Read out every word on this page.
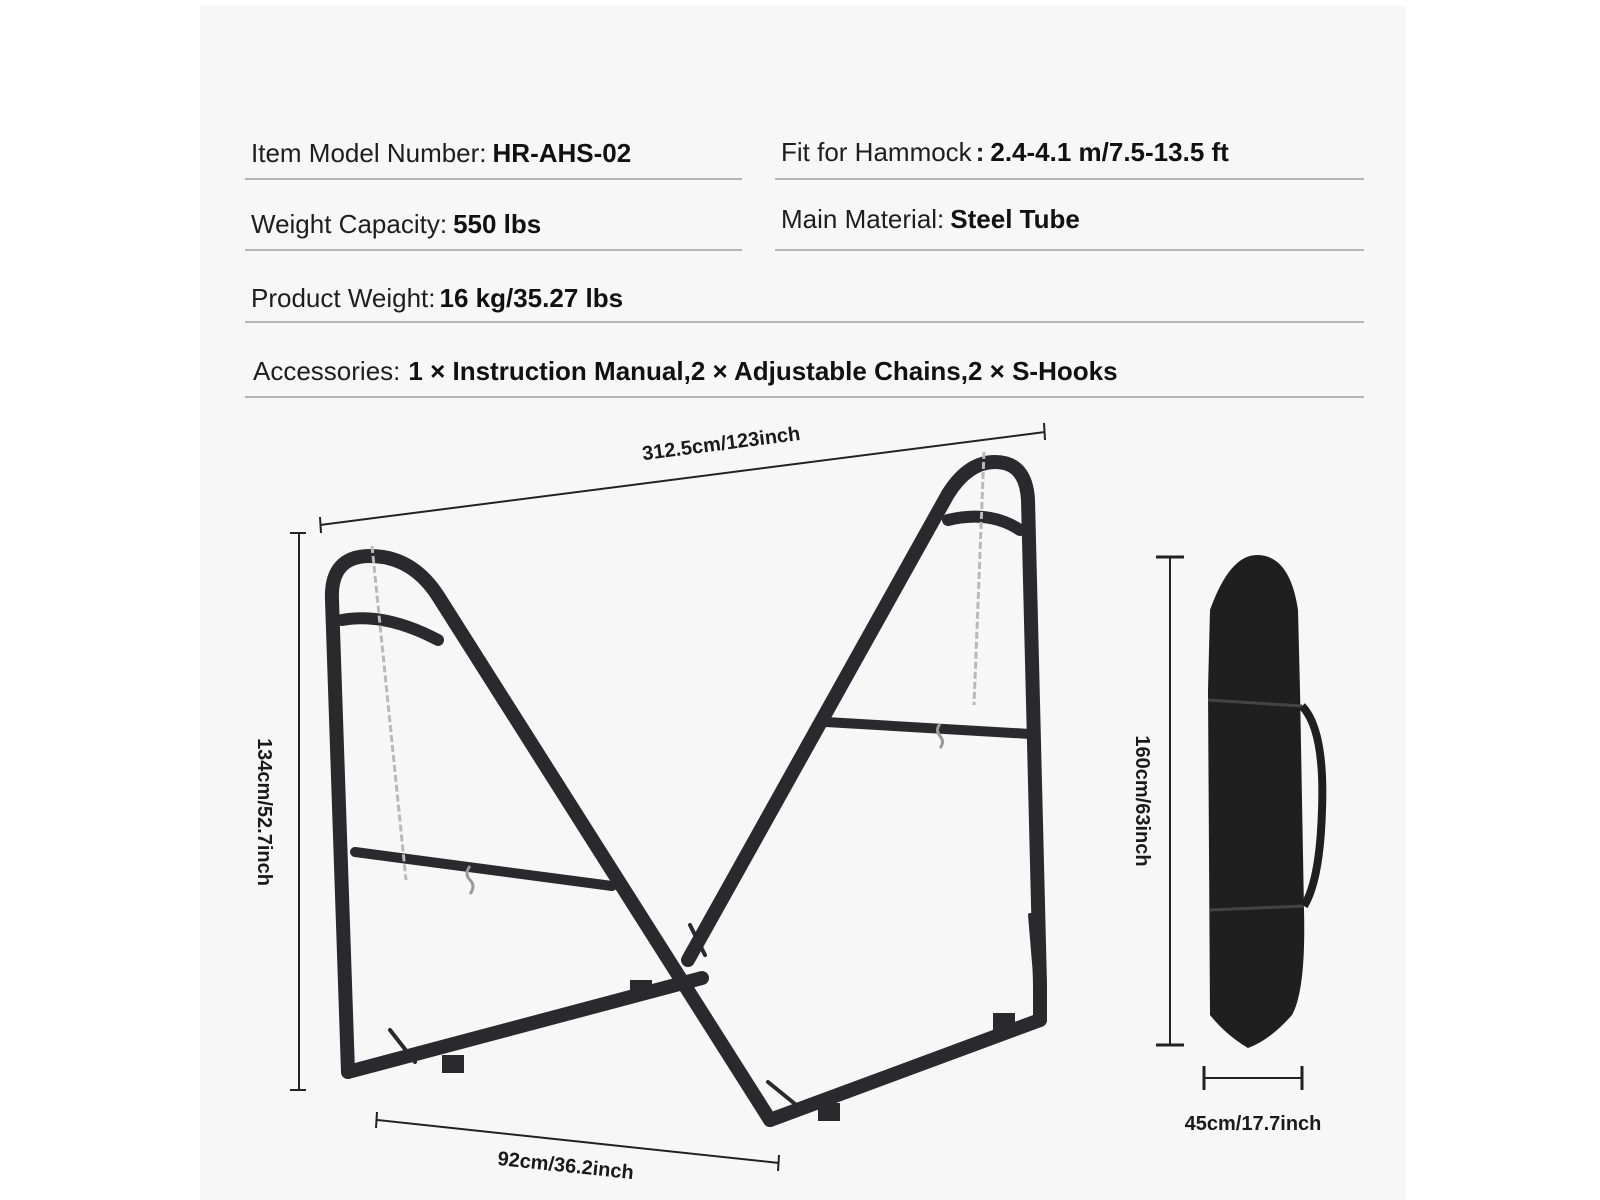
Item Model Number: HR-AHS-02	Fit for Hammock : 2.4-4.1 m/7.5-13.5 ft
Weight Capacity: 550 lbs	Main Material: Steel Tube
Product Weight: 16 kg/35.27 lbs
Accessories: 1 × Instruction Manual,2 × Adjustable Chains,2 × S-Hooks
312.5cm/123inch
134cm/52.7inch
92cm/36.2inch
160cm/63inch
45cm/17.7inch
